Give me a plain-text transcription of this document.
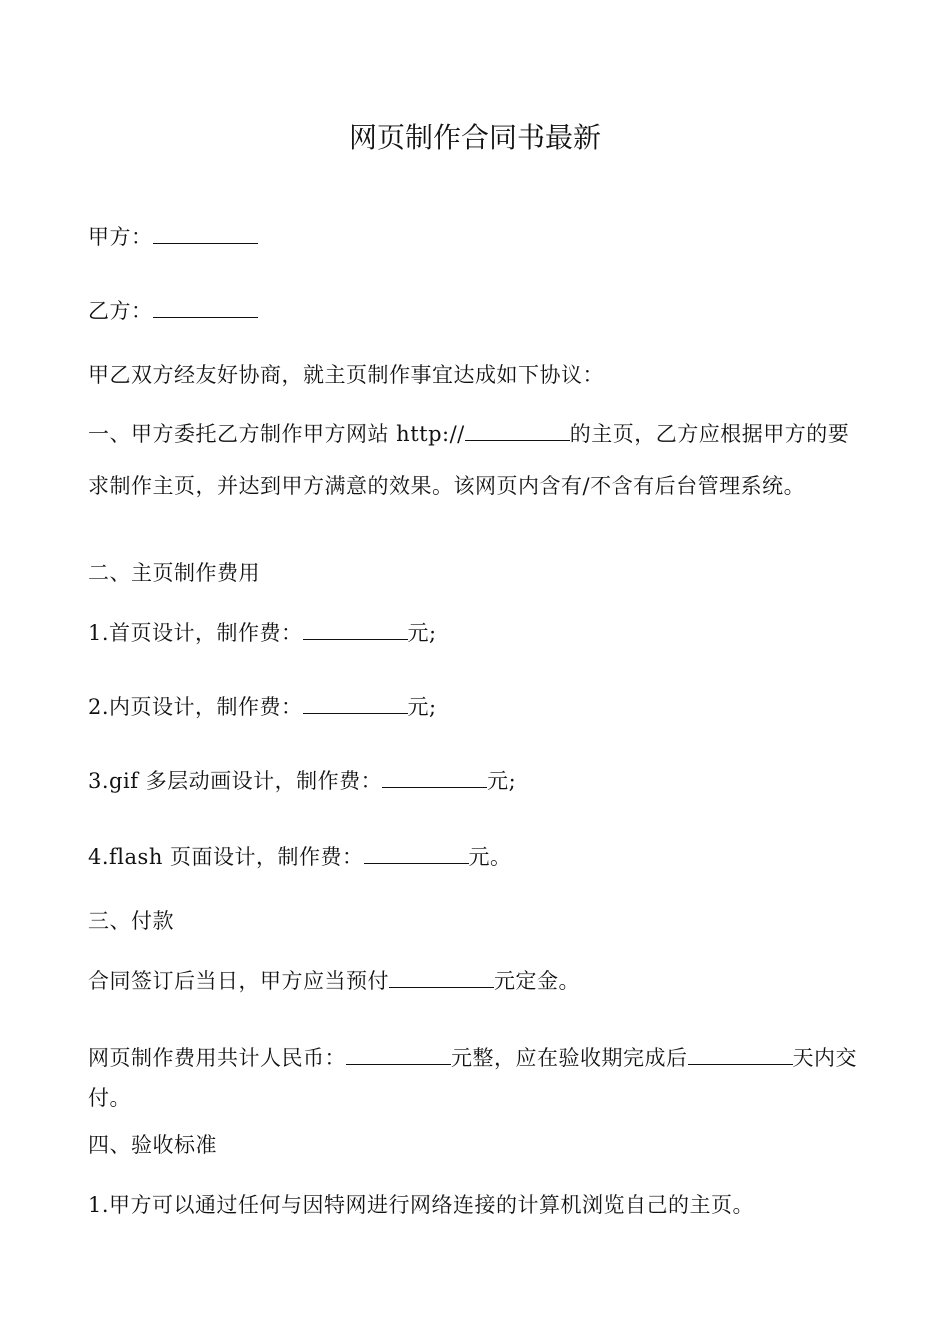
网页制作合同书最新
甲方：
乙方：
甲乙双方经友好协商，就主页制作事宜达成如下协议：
一、甲方委托乙方制作甲方网站 http://	的主页，乙方应根据甲方的要求制作主页，并达到甲方满意的效果。该网页内含有/不含有后台管理系统。
二、主页制作费用
1.首页设计，制作费：	元;
2.内页设计，制作费：	元;
3.gif 多层动画设计，制作费：	元;
4.flash 页面设计，制作费：	元。
三、付款
合同签订后当日，甲方应当预付	元定金。
网页制作费用共计人民币：	元整，应在验收期完成后	天内交付。
四、验收标准
1.甲方可以通过任何与因特网进行网络连接的计算机浏览自己的主页。
